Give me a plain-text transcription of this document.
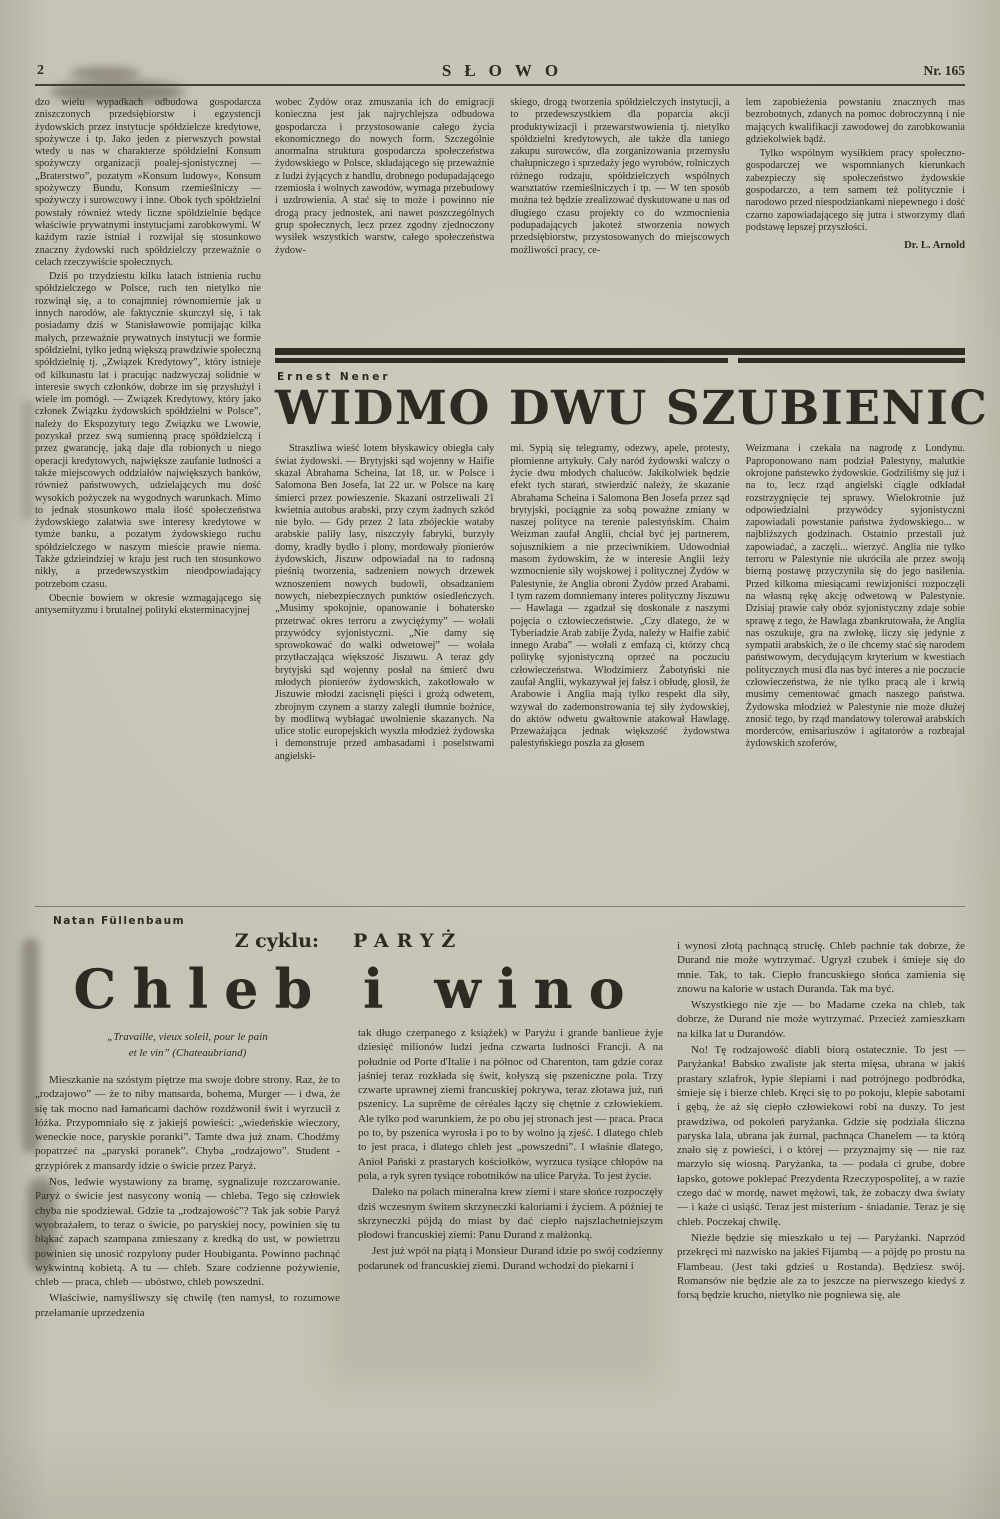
2	SŁOWO	Nr. 165

dzo wielu wypadkach odbudowa gospodarcza zniszczonych przedsiębiorstw i egzystencji żydowskich przez instytucje spółdzielcze kredytowe, spożywcze i tp. Jako jeden z pierwszych powstał wtedy u nas w charakterze spółdzielni Konsum spożywczy organizacji poalej-sjonistycznej — „Braterstwo”, pozatym »Konsum ludowy«, Konsum spożywczy Bundu, Konsum rzemieślniczy — spożywczy i surowcowy i inne. Obok tych spółdzielni powstały również wtedy liczne spółdzielnie będące właściwie prywatnymi instytucjami zarobkowymi. W każdym razie istniał i rozwijał się stosunkowo znaczny żydowski ruch spółdzielczy przeważnie o celach rzeczywiście społecznych.

Dziś po trzydziestu kilku latach istnienia ruchu spółdzielczego w Polsce, ruch ten nietylko nie rozwinął się, a to conajmniej równomiernie jak u innych narodów, ale faktycznie skurczył się, i tak posiadamy dziś w Stanisławowie pomijając kilka małych, przeważnie prywatnych instytucji we formie spółdzielni, tylko jedną większą prawdziwie społeczną spółdzielnię tj. „Związek Kredytowy”, który istnieje od kilkunastu lat i pracując nadzwyczaj solidnie w interesie swych członków, dobrze im się przysłużył i wiele im pomógł. — Związek Kredytowy, który jako członek Związku żydowskich spółdzielni w Polsce”, należy do Ekspozytury tego Związku we Lwowie, pozyskał przez swą sumienną pracę spółdzielczą i przez gwarancję, jaką daje dla robionych u niego operacji kredytowych, największe zaufanie ludności a także miejscowych oddziałów największych banków, również państwowych, udzielających mu dość wysokich pożyczek na wygodnych warunkach. Mimo to jednak stosunkowo mała ilość społeczeństwa żydowskiego załatwia swe interesy kredytowe w tymże banku, a pozatym żydowskiego ruchu spółdzielczego w naszym mieście prawie niema. Także gdzieindziej w kraju jest ruch ten stosunkowo nikły, a przedewszystkim nieodpowiadający potrzebom czasu.

Obecnie bowiem w okresie wzmagającego się antysemityzmu i brutalnej polityki eksterminacyjnej

wobec Żydów oraz zmuszania ich do emigracji konieczna jest jak najrychlejsza odbudowa gospodarcza i przystosowanie całego życia ekonomicznego do nowych form. Szczególnie anormalna struktura gospodarcza społeczeństwa żydowskiego w Polsce, składającego się przeważnie z ludzi żyjących z handlu, drobnego podupadającego rzemiosła i wolnych zawodów, wymaga przebudowy i uzdrowienia. A stać się to może i powinno nie drogą pracy jednostek, ani nawet poszczególnych grup społecznych, lecz przez zgodny zjednoczony wysiłek wszystkich warstw, całego społeczeństwa żydow-

skiego, drogą tworzenia spółdzielczych instytucji, a to przedewszystkiem dla poparcia akcji produktywizacji i przewarstwowienia tj. nietylko spółdzielni kredytowych, ale także dla taniego zakupu surowców, dla zorganizowania przemysłu chałupniczego i sprzedaży jego wyrobów, rolniczych różnego rodzaju, spółdzielczych wspólnych warsztatów rzemieślniczych i tp. — W ten sposób można też będzie zrealizować dyskutowane u nas od długiego czasu projekty co do wzmocnienia podupadających jakoteż stworzenia nowych przedsiębiorstw, przystosowanych do miejscowych możliwości pracy, ce-

lem zapobieżenia powstaniu znacznych mas bezrobotnych, zdanych na pomoc dobroczynną i nie mających kwalifikacji zawodowej do zarobkowania gdziekolwiek bądź.

Tylko wspólnym wysiłkiem pracy społeczno-gospodarczej we wspomnianych kierunkach zabezpieczy się społeczeństwo żydowskie gospodarczo, a tem samem też politycznie i narodowo przed niespodziankami niepewnego i dość czarno zapowiadającego się jutra i stworzymy dlań podstawę lepszej przyszłości.

Dr. L. Arnold

Ernest Nener
WIDMO DWU SZUBIENIC

Straszliwa wieść lotem błyskawicy obiegła cały świat żydowski. — Brytyjski sąd wojenny w Haifie skazał Abrahama Scheina, lat 18, ur. w Polsce i Salomona Ben Josefa, lat 22 ur. w Polsce na karę śmierci przez powieszenie. Skazani ostrzeliwali 21 kwietnia autobus arabski, przy czym żadnych szkód nie było. — Gdy przez 2 lata zbójeckie wataby arabskie paliły lasy, niszczyły fabryki, burzyły domy, kradły bydło i plony, mordowały pionierów żydowskich, Jiszuw odpowiadał na to radosną pieśnią tworzenia, sadzeniem nowych drzewek wznoszeniem nowych budowli, obsadzaniem nowych, niebezpiecznych punktów osiedleńczych. „Musimy spokojnie, opanowanie i bohatersko przetrwać okres terroru a zwyciężymy” — wołali przywódcy syjonistyczni. „Nie damy się sprowokować do walki odwetowej” — wołała przytłaczająca większość Jiszuwu. A teraz gdy brytyjski sąd wojenny posłał na śmierć dwu młodych pionierów żydowskich, zakotłowało w Jiszuwie młodzi zacisnęli pięści i grożą odwetem, zbrojnym czynem a starzy zalegli tłumnie bożnice, by modlitwą wybłagać uwolnienie skazanych. Na ulice stolic europejskich wyszła młodzież żydowska i demonstruje przed ambasadami i poselstwami angielski-

mi. Sypią się telegramy, odezwy, apele, protesty, płomienne artykuły. Cały naród żydowski walczy o życie dwu młodych chaluców. Jakikolwiek będzie efekt tych starań, stwierdzić należy, że skazanie Abrahama Scheina i Salomona Ben Josefa przez sąd brytyjski, pociągnie za sobą poważne zmiany w naszej polityce na terenie palestyńskim. Chaim Weizman zaufał Anglii, chciał być jej partnerem, sojusznikiem a nie przeciwnikiem. Udowodniał masom żydowskim, że w interesie Anglii leży wzmocnienie siły wojskowej i politycznej Żydów w Palestynie, że Anglia obroni Żydów przed Arabami. I tym razem domniemany interes polityczny Jiszuwu — Hawlaga — zgadzał się doskonale z naszymi pojęcia o człowieczeństwie. „Czy dlatego, że w Tyberiadzie Arab zabije Żyda, należy w Haifie zabić innego Araba” — wołali z emfazą ci, którzy chcą politykę syjonistyczną oprzeć na poczuciu człowieczeństwa. Włodzimierz Żabotyński nie zaufał Anglii, wykazywał jej fałsz i obłudę, głosił, że Arabowie i Anglia mają tylko respekt dla siły, wzywał do zademonstrowania tej siły żydowskiej, do aktów odwetu gwałtownie atakował Hawlagę. Przeważająca jednak większość żydowstwa palestyńskiego poszła za głosem

Weizmana i czekała na nagrodę z Londynu. Paproponowano nam podział Palestyny, malutkie okrojone państewko żydowskie. Godziliśmy się już i na to, lecz rząd angielski ciągle odkładał rozstrzygnięcie tej sprawy. Wielokrotnie już odpowiedzialni przywódcy syjonistyczni zapowiadali powstanie państwa żydowskiego... w najbliższych godzinach. Ostatnio przestali już zapowiadać, a zaczęli... wierzyć. Anglia nie tylko terroru w Palestynie nie ukróciła ale przez swoją bierną postawę przyczyniła się do jego nasilenia. Przed kilkoma miesiącami rewizjoniści rozpoczęli na własną rękę akcję odwetową w Palestynie. Dzisiaj prawie cały obóz syjonistyczny zdaje sobie sprawę z tego, że Hawlaga zbankrutowała, że Anglia nas oszukuje, gra na zwłokę, liczy się jedynie z sympatii arabskich, że o ile chcemy stać się narodem państwowym, decydującym kryterium w kwestiach politycznych musi dla nas być interes a nie poczucie człowieczeństwa, że nie tylko pracą ale i krwią musimy cementować gmach naszego państwa. Żydowska młodzież w Palestynie nie może dłużej znosić tego, by rząd mandatowy tolerował arabskich morderców, emisariuszów i agitatorów a rozbrajał żydowskich szoferów,

Natan Füllenbaum
Z cyklu:	PARYŻ
Chleb i wino

„Travaille, vieux soleil, pour le pain

et le vin” (Chateaubriand)

Mieszkanie na szóstym piętrze ma swoje dobre strony. Raz, że to „rodzajowo” — że to niby mansarda, bohema, Murger — i dwa, że się tak mocno nad łamańcami dachów rozdźwonił świt i wyrzucił z łóżka. Przypomniało się z jakiejś powieści: „wiedeńskie wieczory, weneckie noce, paryskie poranki”. Tamte dwa już znam. Chodźmy popatrzeć na „paryski poranek”. Chyba „rodzajowo”. Student - grzypiórek z mansardy idzie o świcie przez Paryż.

Nos, ledwie wystawiony za bramę, sygnalizuje rozczarowanie. Paryż o świcie jest nasycony wonią — chleba. Tego się człowiek chyba nie spodziewał. Gdzie ta „rodzajowość”? Tak jak sobie Paryż wyobrażałem, to teraz o świcie, po paryskiej nocy, powinien się tu błąkać zapach szampana zmieszany z kredką do ust, w powietrzu powinien się unosić rozpylony puder Houbiganta. Powinno pachnąć wykwintną kobietą. A tu — chleb. Szare codzienne pożywienie, chleb — praca, chleb — ubóstwo, chleb powszedni.

Właściwie, namyśliwszy się chwilę (ten namysł, to rozumowe przełamanie uprzedzenia

tak długo czerpanego z książek) w Paryżu i grande banlieue żyje dziesięć milionów ludzi jedna czwarta ludności Francji. A na południe od Porte d'Italie i na północ od Charenton, tam gdzie coraz jaśniej teraz rozkłada się świt, kołyszą się pszeniczne pola. Trzy czwarte uprawnej ziemi francuskiej pokrywa, teraz złotawa już, ruń pszenicy. La suprême de céréales łączy się chętnie z człowiekiem. Ale tylko pod warunkiem, że po obu jej stronach jest — praca. Praca po to, by pszenica wyrosła i po to by wolno ją zjeść. I dlatego chleb to jest praca, i dlatego chleb jest „powszedni”. I właśnie dlatego, Anioł Pański z prastarych kościołków, wyrzuca tysiące chłopów na pola, a ryk syren tysiące robotników na ulice Paryża. To jest życie.

Daleko na polach mineralna krew ziemi i stare słońce rozpoczęły dziś wczesnym świtem skrzyneczki kaloriami i życiem. A później te skrzyneczki pójdą do miast by dać ciepło najszlachetniejszym płodowi francuskiej ziemi: Panu Durand z małżonką.

Jest już wpół na piątą i Monsieur Durand idzie po swój codzienny podarunek od francuskiej ziemi. Durand wchodzi do piekarni i

i wynosi złotą pachnącą strucłę. Chleb pachnie tak dobrze, że Durand nie może wytrzymać. Ugryzł czubek i śmieje się do mnie. Tak, to tak. Ciepło francuskiego słońca zamienia się znowu na kalorie w ustach Duranda. Tak ma być.

Wszystkiego nie zje — bo Madame czeka na chleb, tak dobrze, że Durand nie może wytrzymać. Przecież zamieszkam na kilka lat u Durandów.

No! Tę rodzajowość diabli biorą ostatecznie. To jest — Paryżanka! Babsko zwaliste jak sterta mięsa, ubrana w jakiś prastary szlafrok, łypie ślepiami i nad potrójnego podbródka, śmieje się i bierze chleb. Kręci się to po pokoju, klepie sabotami i gębą, że aż się ciepło człowiekowi robi na duszy. To jest prawdziwa, od pokoleń paryżanka. Gdzie się podziała śliczna paryska lala, ubrana jak żurnal, pachnąca Chanelem — ta którą znało się z powieści, i o której — przyznajmy się — nie raz marzyło się wiosną. Paryżanka, ta — podała ci grube, dobre łapsko, gotowe poklepać Prezydenta Rzeczypospolitej, a w razie czego dać w mordę, nawet mężowi, tak, że zobaczy dwa światy — i każe ci usiąść. Teraz jest misterium - śniadanie. Teraz je się chleb. Poczekaj chwilę.

Nieźle będzie się mieszkało u tej — Paryżanki. Naprzód przekręci mi nazwisko na jakieś Fijambą — a pójdę po prostu na Flambeau. (Jest taki gdzieś u Rostanda). Będziesz swój. Romansów nie będzie ale za to jeszcze na pierwszego kiedyś z forsą będzie krucho, nietylko nie pogniewa się, ale
